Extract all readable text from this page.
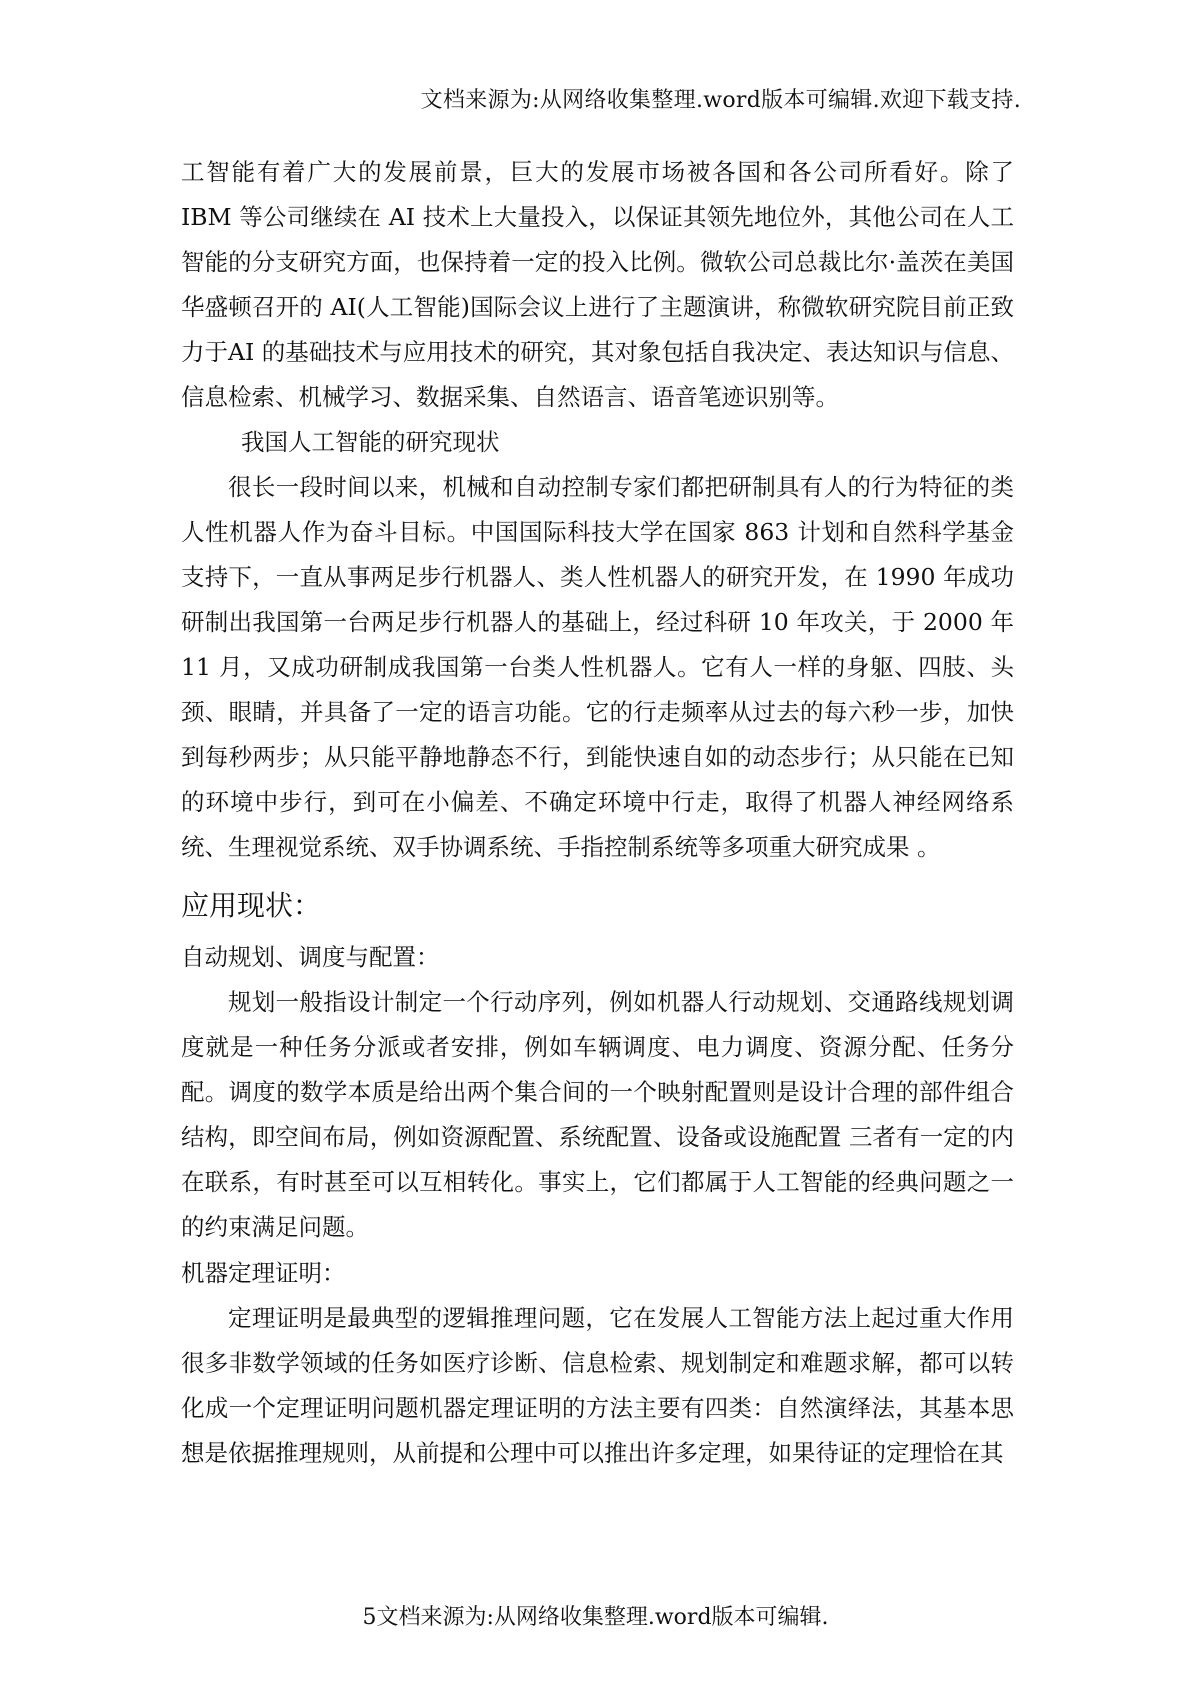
文档来源为:从网络收集整理.word版本可编辑.欢迎下载支持.

工智能有着广大的发展前景，巨大的发展市场被各国和各公司所看好。除了 IBM 等公司继续在 AI 技术上大量投入，以保证其领先地位外，其他公司在人工智能的分支研究方面，也保持着一定的投入比例。微软公司总裁比尔·盖茨在美国华盛顿召开的 AI(人工智能)国际会议上进行了主题演讲，称微软研究院目前正致力于AI 的基础技术与应用技术的研究，其对象包括自我决定、表达知识与信息、信息检索、机械学习、数据采集、自然语言、语音笔迹识别等。

我国人工智能的研究现状

很长一段时间以来，机械和自动控制专家们都把研制具有人的行为特征的类人性机器人作为奋斗目标。中国国际科技大学在国家 863 计划和自然科学基金支持下，一直从事两足步行机器人、类人性机器人的研究开发，在 1990 年成功研制出我国第一台两足步行机器人的基础上，经过科研 10 年攻关，于 2000 年 11 月，又成功研制成我国第一台类人性机器人。它有人一样的身躯、四肢、头颈、眼睛，并具备了一定的语言功能。它的行走频率从过去的每六秒一步，加快到每秒两步；从只能平静地静态不行，到能快速自如的动态步行；从只能在已知的环境中步行，到可在小偏差、不确定环境中行走，取得了机器人神经网络系统、生理视觉系统、双手协调系统、手指控制系统等多项重大研究成果 。

应用现状：

自动规划、调度与配置：

规划一般指设计制定一个行动序列，例如机器人行动规划、交通路线规划调度就是一种任务分派或者安排，例如车辆调度、电力调度、资源分配、任务分配。调度的数学本质是给出两个集合间的一个映射配置则是设计合理的部件组合结构，即空间布局，例如资源配置、系统配置、设备或设施配置 三者有一定的内在联系，有时甚至可以互相转化。事实上，它们都属于人工智能的经典问题之一的约束满足问题。

机器定理证明：

定理证明是最典型的逻辑推理问题，它在发展人工智能方法上起过重大作用很多非数学领域的任务如医疗诊断、信息检索、规划制定和难题求解，都可以转化成一个定理证明问题机器定理证明的方法主要有四类：自然演绎法，其基本思想是依据推理规则，从前提和公理中可以推出许多定理，如果待证的定理恰在其

5文档来源为:从网络收集整理.word版本可编辑.
